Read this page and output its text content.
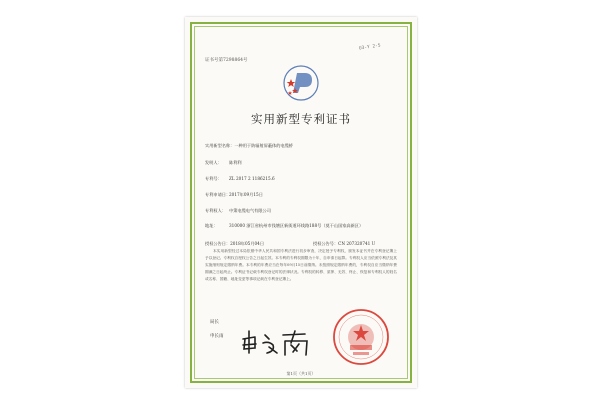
证书号第7298864号
U3-Y 2-5
实用新型专利证书
实用新型名称：一种用于防辐射屏蔽体的电缆桥
发明人： 陈利利
专利号： ZL 2017 2 1186215.6
专利申请日：2017年09月15日
专利权人： 中策电缆电气有限公司
地址：	310000 浙江省杭州市钱塘区新街道环线路188号（莫干山国家高新区）
授权公告日：2018年05月04日	授权公告号：CN 207320741 U
本实用新型经过本局依照中华人民共和国专利法进行初步审查，决定授予专利权，颁发本证书并在专利登记簿上予以登记。专利权自授权公告之日起生效。本专利的专利权期限为十年，自申请日起算。专利权人应当依照专利法及其实施细则规定缴纳年费。本专利的年费应当在每年09月15日前缴纳。未按照规定缴纳年费的，专利权自应当缴纳年费期满之日起终止。专利证书记载专利权登记时的法律状况。专利权的转移、质押、无效、终止、恢复和专利权人的姓名或名称、国籍、地址变更等事项记载在专利登记簿上。
局长
申长雨
第1页（共1页）
